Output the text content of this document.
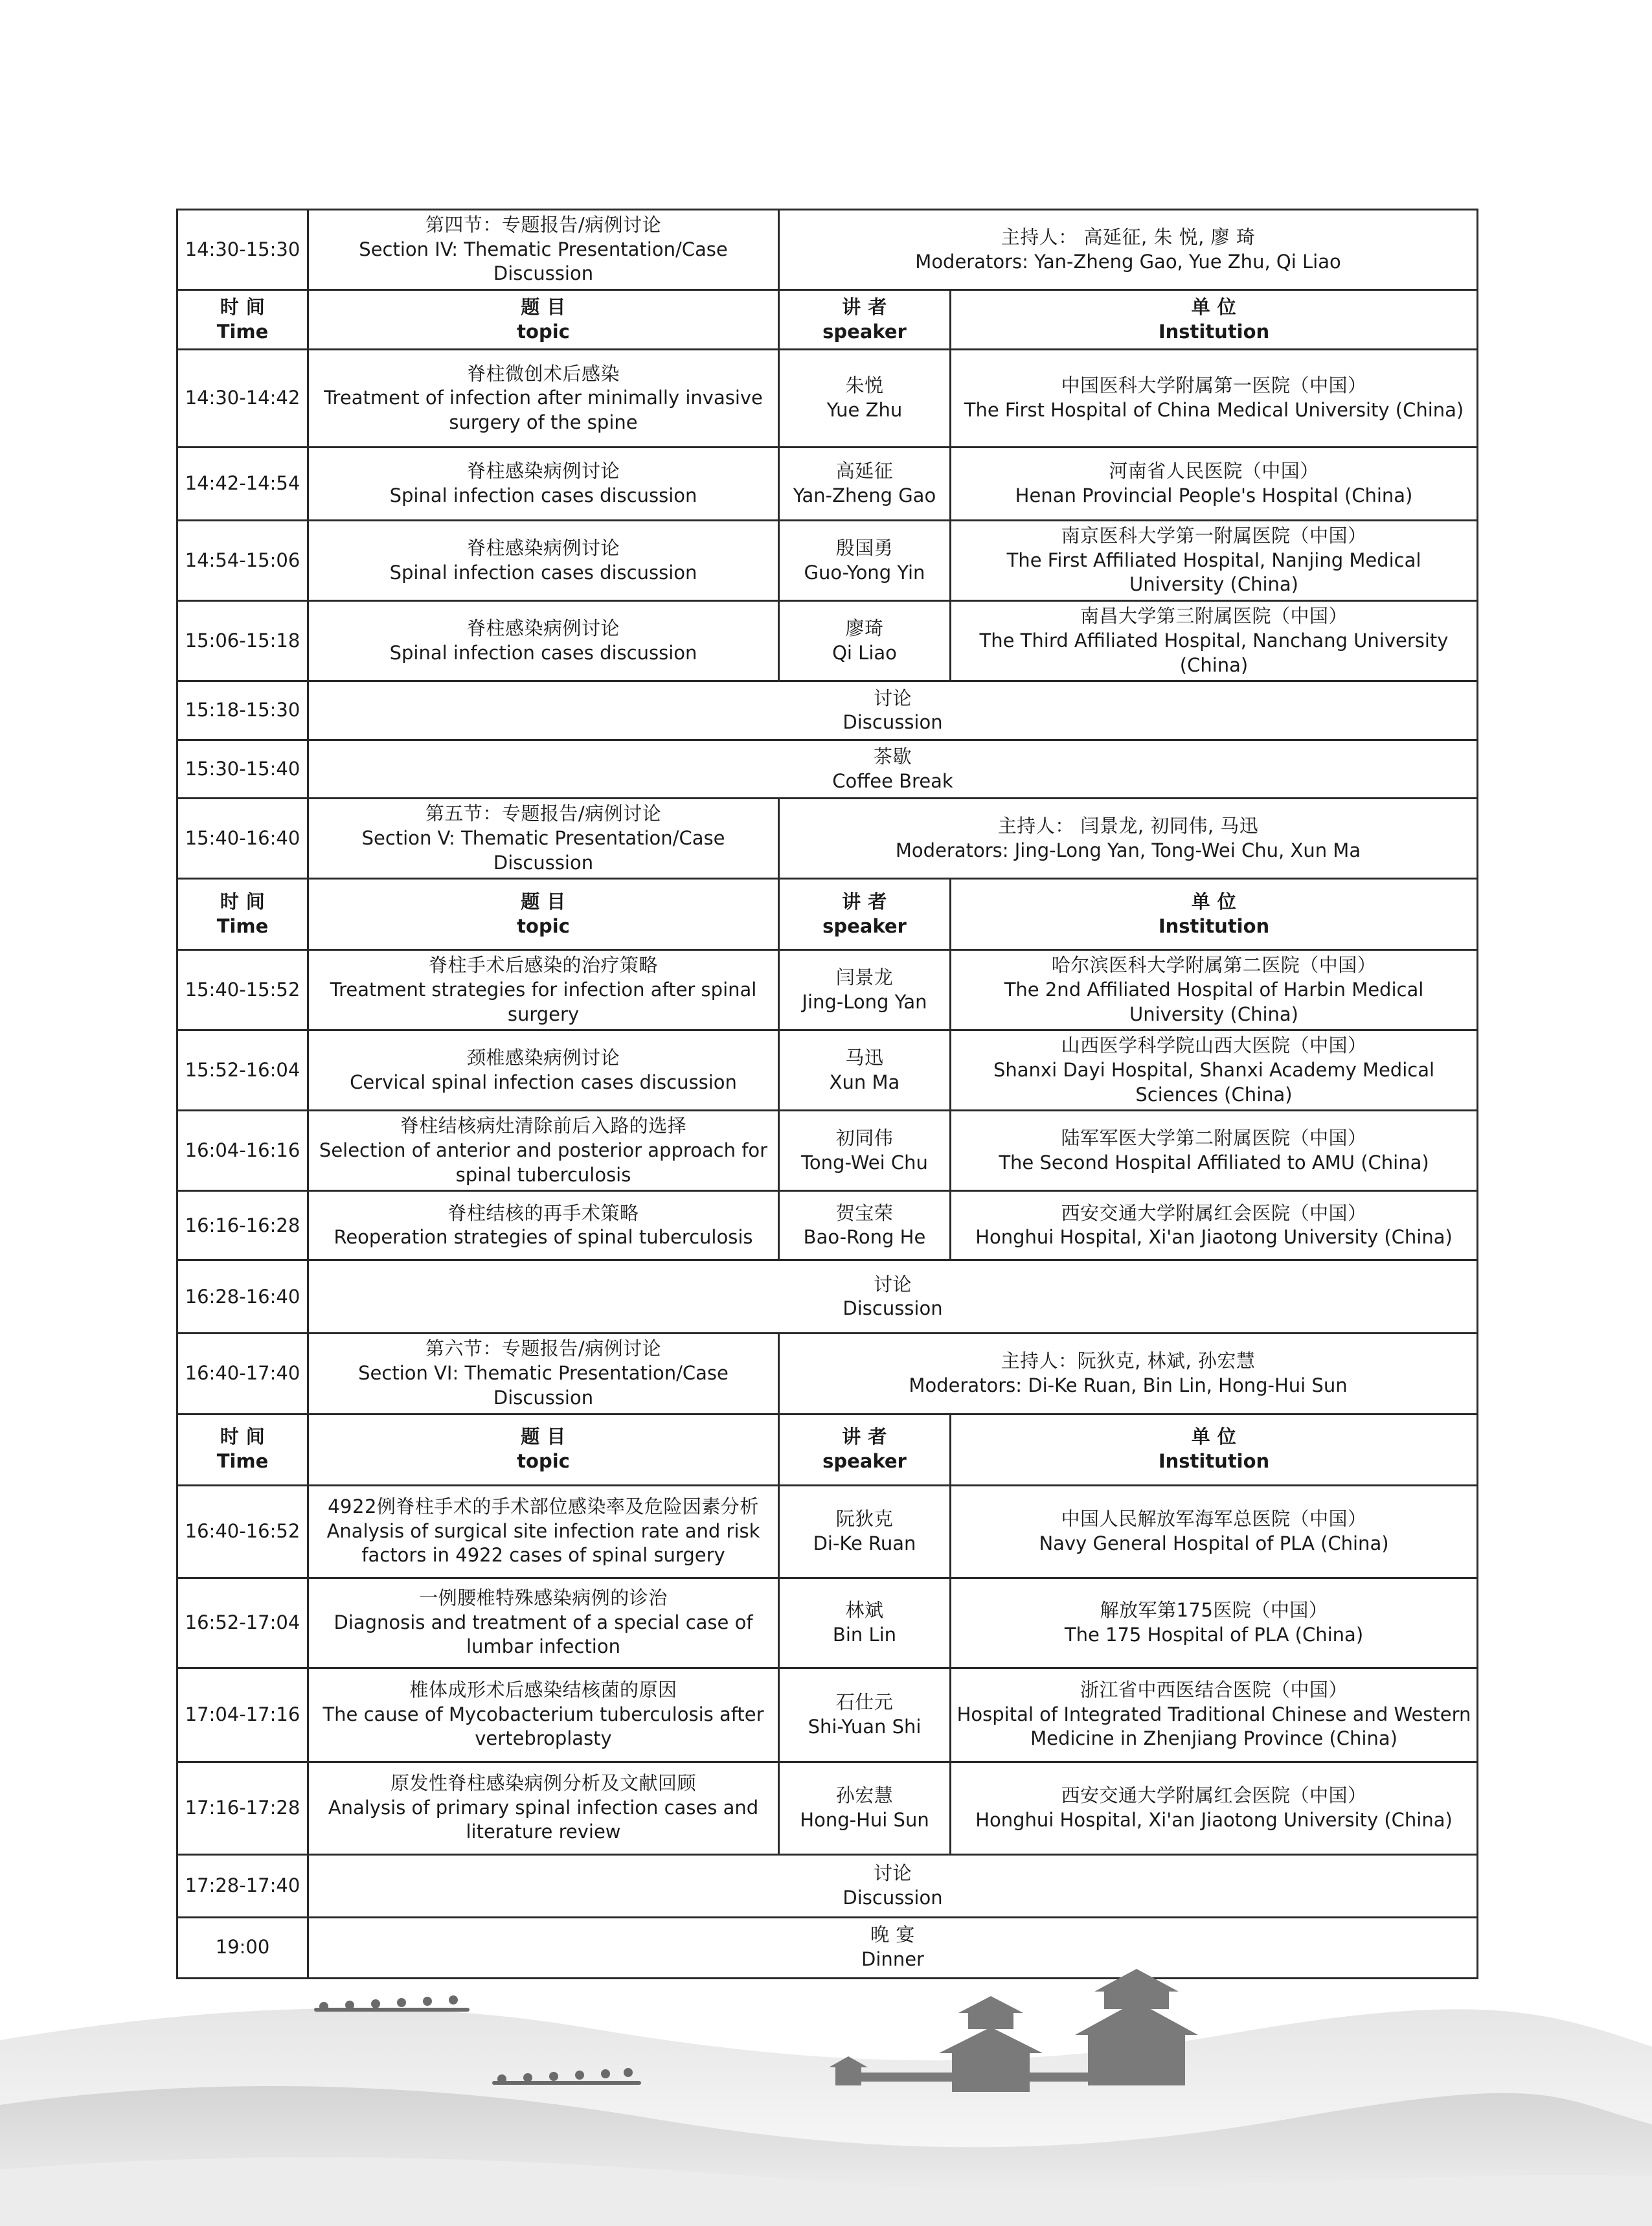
14:30-15:30	第四节：专题报告/病例讨论
Section IV: Thematic Presentation/Case Discussion	主持人： 高延征, 朱 悦, 廖 琦
Moderators: Yan-Zheng Gao, Yue Zhu, Qi Liao	

时 间
Time	题 目
topic	讲 者
speaker	单 位
Institution

14:30-14:42	脊柱微创术后感染
Treatment of infection after minimally invasive surgery of the spine	朱悦
Yue Zhu	中国医科大学附属第一医院（中国）
The First Hospital of China Medical University (China)

14:42-14:54	脊柱感染病例讨论
Spinal infection cases discussion	高延征
Yan-Zheng Gao	河南省人民医院（中国）
Henan Provincial People's Hospital (China)

14:54-15:06	脊柱感染病例讨论
Spinal infection cases discussion	殷国勇
Guo-Yong Yin	南京医科大学第一附属医院（中国）
The First Affiliated Hospital, Nanjing Medical University (China)

15:06-15:18	脊柱感染病例讨论
Spinal infection cases discussion	廖琦
Qi Liao	南昌大学第三附属医院（中国）
The Third Affiliated Hospital, Nanchang University (China)

15:18-15:30	讨论
Discussion		

15:30-15:40	茶歇
Coffee Break		

15:40-16:40	第五节：专题报告/病例讨论
Section V: Thematic Presentation/Case Discussion	主持人： 闫景龙, 初同伟, 马迅
Moderators: Jing-Long Yan, Tong-Wei Chu, Xun Ma	

时 间
Time	题 目
topic	讲 者
speaker	单 位
Institution

15:40-15:52	脊柱手术后感染的治疗策略
Treatment strategies for infection after spinal surgery	闫景龙
Jing-Long Yan	哈尔滨医科大学附属第二医院（中国）
The 2nd Affiliated Hospital of Harbin Medical University (China)

15:52-16:04	颈椎感染病例讨论
Cervical spinal infection cases discussion	马迅
Xun Ma	山西医学科学院山西大医院（中国）
Shanxi Dayi Hospital, Shanxi Academy Medical Sciences (China)

16:04-16:16	脊柱结核病灶清除前后入路的选择
Selection of anterior and posterior approach for spinal tuberculosis	初同伟
Tong-Wei Chu	陆军军医大学第二附属医院（中国）
The Second Hospital Affiliated to AMU (China)

16:16-16:28	脊柱结核的再手术策略
Reoperation strategies of spinal tuberculosis	贺宝荣
Bao-Rong He	西安交通大学附属红会医院（中国）
Honghui Hospital, Xi'an Jiaotong University (China)

16:28-16:40	讨论
Discussion		

16:40-17:40	第六节：专题报告/病例讨论
Section VI: Thematic Presentation/Case Discussion	主持人：阮狄克, 林斌, 孙宏慧
Moderators: Di-Ke Ruan, Bin Lin, Hong-Hui Sun	

时 间
Time	题 目
topic	讲 者
speaker	单 位
Institution

16:40-16:52	4922例脊柱手术的手术部位感染率及危险因素分析
Analysis of surgical site infection rate and risk factors in 4922 cases of spinal surgery	阮狄克
Di-Ke Ruan	中国人民解放军海军总医院（中国）
Navy General Hospital of PLA (China)

16:52-17:04	一例腰椎特殊感染病例的诊治
Diagnosis and treatment of a special case of lumbar infection	林斌
Bin Lin	解放军第175医院（中国）
The 175 Hospital of PLA (China)

17:04-17:16	椎体成形术后感染结核菌的原因
The cause of Mycobacterium tuberculosis after vertebroplasty	石仕元
Shi-Yuan Shi	浙江省中西医结合医院（中国）
Hospital of Integrated Traditional Chinese and Western Medicine in Zhenjiang Province (China)

17:16-17:28	原发性脊柱感染病例分析及文献回顾
Analysis of primary spinal infection cases and literature review	孙宏慧
Hong-Hui Sun	西安交通大学附属红会医院（中国）
Honghui Hospital, Xi'an Jiaotong University (China)

17:28-17:40	讨论
Discussion		

19:00	晚 宴
Dinner		
